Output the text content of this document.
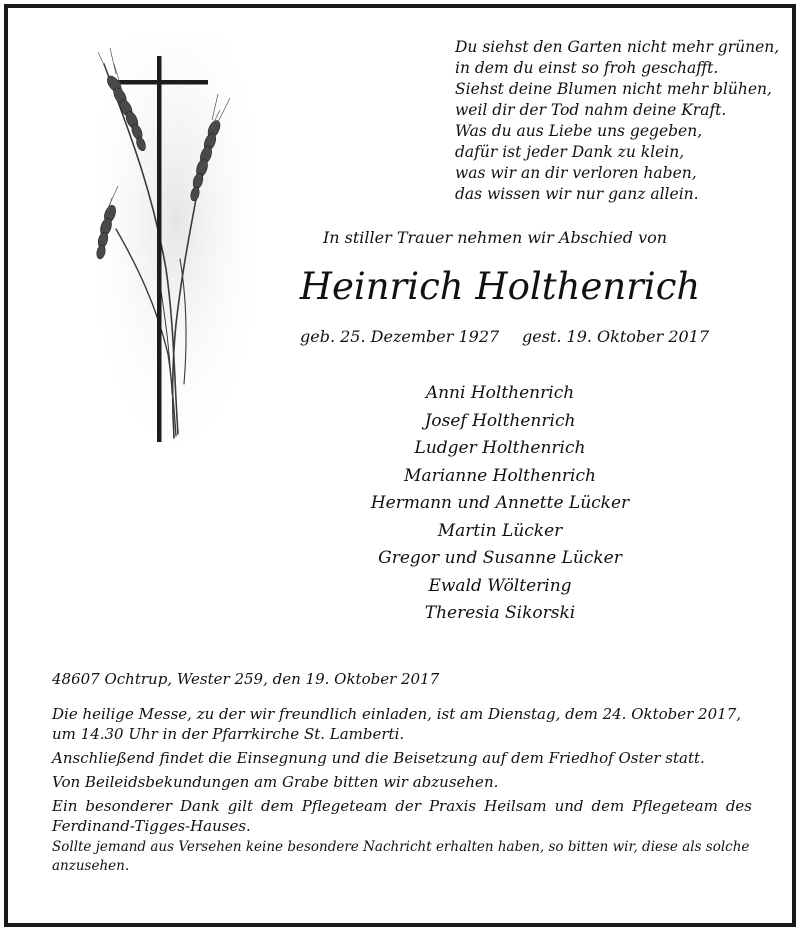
Du siehst den Garten nicht mehr grünen,
in dem du einst so froh geschafft.
Siehst deine Blumen nicht mehr blühen,
weil dir der Tod nahm deine Kraft.
Was du aus Liebe uns gegeben,
dafür ist jeder Dank zu klein,
was wir an dir verloren haben,
das wissen wir nur ganz allein.

In stiller Trauer nehmen wir Abschied von

Heinrich Holthenrich
geb. 25. Dezember 1927 gest. 19. Oktober 2017
Anni Holthenrich
Josef Holthenrich
Ludger Holthenrich
Marianne Holthenrich
Hermann und Annette Lücker
Martin Lücker
Gregor und Susanne Lücker
Ewald Wöltering
Theresia Sikorski

48607 Ochtrup, Wester 259, den 19. Oktober 2017

Die heilige Messe, zu der wir freundlich einladen, ist am Dienstag, dem 24. Oktober 2017, um 14.30 Uhr in der Pfarrkirche St. Lamberti.

Anschließend findet die Einsegnung und die Beisetzung auf dem Friedhof Oster statt.

Von Beileidsbekundungen am Grabe bitten wir abzusehen.

Ein besonderer Dank gilt dem Pflegeteam der Praxis Heilsam und dem Pflegeteam des Ferdinand-Tigges-Hauses.

Sollte jemand aus Versehen keine besondere Nachricht erhalten haben, so bitten wir, diese als solche anzusehen.
